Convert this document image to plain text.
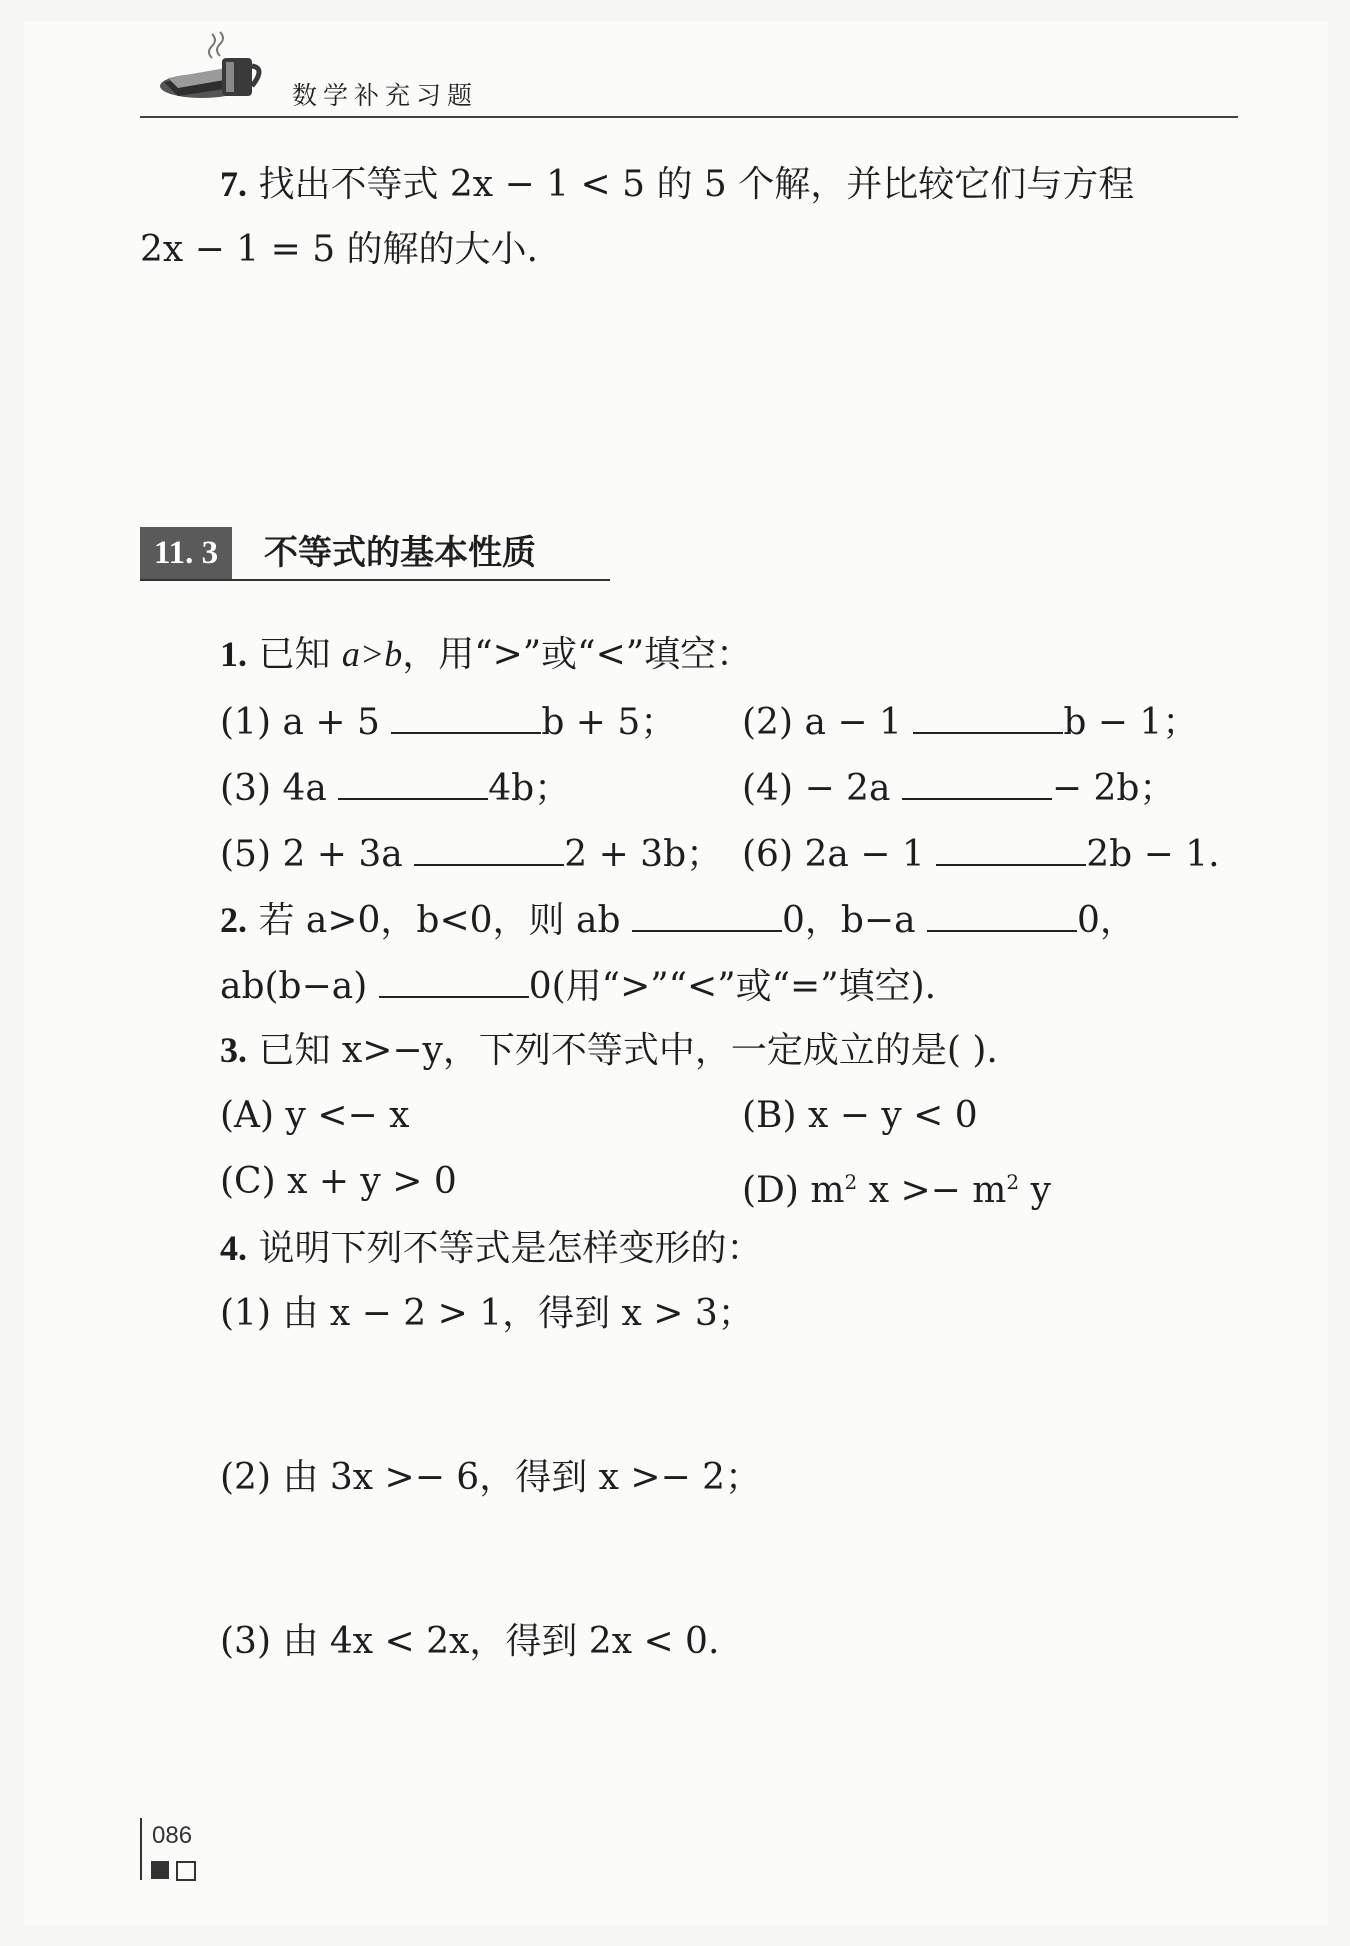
数学补充习题
7. 找出不等式 2x − 1 < 5 的 5 个解，并比较它们与方程
2x − 1 = 5 的解的大小.
11. 3	不等式的基本性质
1. 已知 a>b，用“>”或“<”填空：
(1) a + 5	b + 5； (2) a − 1	b − 1；
(3) 4a	4b；	(4) − 2a	− 2b；
(5) 2 + 3a	2 + 3b； (6) 2a − 1	2b − 1.
2. 若 a>0，b<0，则 ab	0，b−a	0，
ab(b−a)	0(用“>”“<”或“=”填空).
3. 已知 x>−y，下列不等式中，一定成立的是( ).
(A) y <− x	(B) x − y < 0
(C) x + y > 0	(D) $m^2$ $x >- m^2$ y
4. 说明下列不等式是怎样变形的：
(1) 由 x − 2 > 1，得到 x > 3；
(2) 由 3x >− 6，得到 x >− 2；
(3) 由 4x < 2x，得到 2x < 0.
086
